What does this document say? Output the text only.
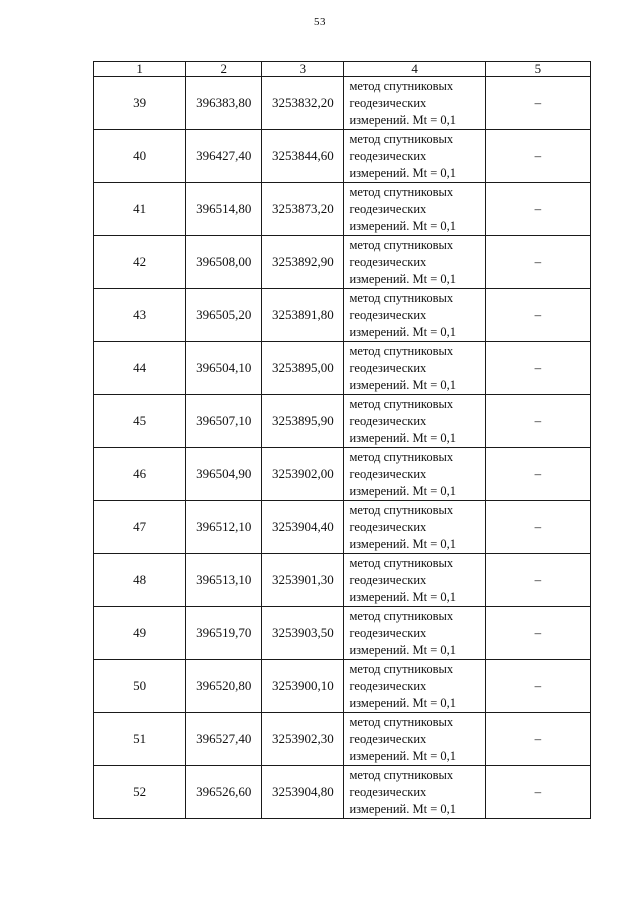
53
1	2	3	4	5
39	396383,80	3253832,20	метод спутниковых
геодезических
измерений. Mt = 0,1	–
40	396427,40	3253844,60	метод спутниковых
геодезических
измерений. Mt = 0,1	–
41	396514,80	3253873,20	метод спутниковых
геодезических
измерений. Mt = 0,1	–
42	396508,00	3253892,90	метод спутниковых
геодезических
измерений. Mt = 0,1	–
43	396505,20	3253891,80	метод спутниковых
геодезических
измерений. Mt = 0,1	–
44	396504,10	3253895,00	метод спутниковых
геодезических
измерений. Mt = 0,1	–
45	396507,10	3253895,90	метод спутниковых
геодезических
измерений. Mt = 0,1	–
46	396504,90	3253902,00	метод спутниковых
геодезических
измерений. Mt = 0,1	–
47	396512,10	3253904,40	метод спутниковых
геодезических
измерений. Mt = 0,1	–
48	396513,10	3253901,30	метод спутниковых
геодезических
измерений. Mt = 0,1	–
49	396519,70	3253903,50	метод спутниковых
геодезических
измерений. Mt = 0,1	–
50	396520,80	3253900,10	метод спутниковых
геодезических
измерений. Mt = 0,1	–
51	396527,40	3253902,30	метод спутниковых
геодезических
измерений. Mt = 0,1	–
52	396526,60	3253904,80	метод спутниковых
геодезических
измерений. Mt = 0,1	–
